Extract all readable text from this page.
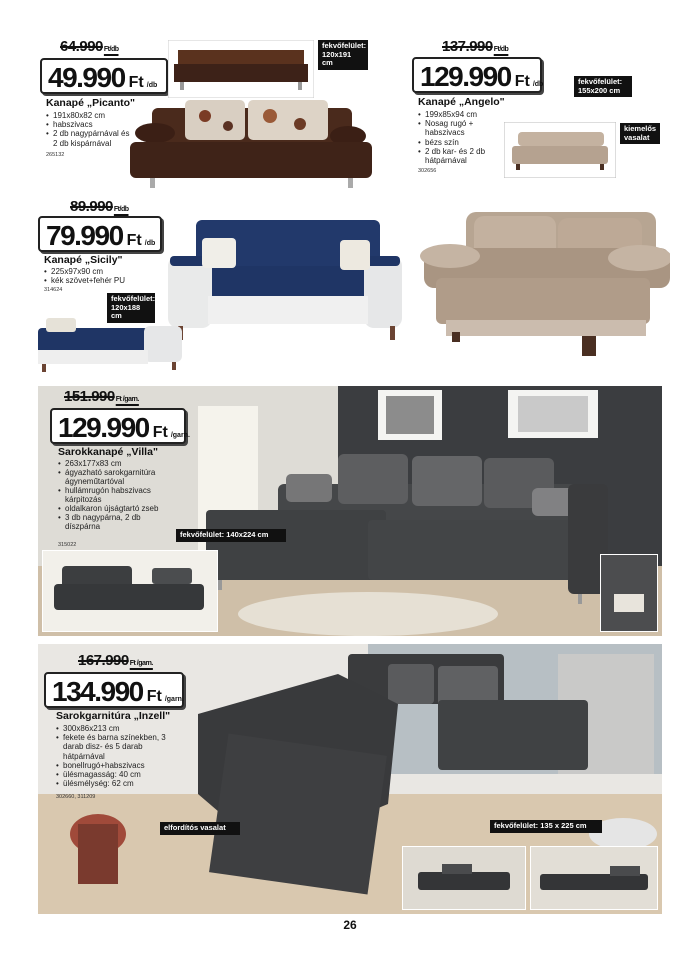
64.990Ft/db
49.990 Ft /db
Kanapé „Picanto"
• 191x80x82 cm
• habszivacs
• 2 db nagypárnával és 2 db kispárnával
265132
fekvőfelület: 120x191 cm
137.990Ft/db
129.990 Ft /db
Kanapé „Angelo"
• 199x85x94 cm
• Nosag rugó + habszivacs
• bézs szín
• 2 db kar- és 2 db hátpárnával
302656
fekvőfelület: 155x200 cm
kiemelős vasalat
89.990Ft/db
79.990 Ft /db
Kanapé „Sicily"
• 225x97x90 cm
• kék szövet+fehér PU
314624
fekvőfelület: 120x188 cm
151.990Ft /garn.
129.990 Ft /garn.
Sarokkanapé „Villa"
• 263x177x83 cm
• ágyazható sarokgarnitúra ágyneműtartóval
• hullámrugón habszivacs kárpitozás
• oldalkaron újságtartó zseb
• 3 db nagypárna, 2 db díszpárna
315022
fekvőfelület: 140x224 cm
167.990Ft /garn.
134.990 Ft /garn.
Sarokgarnitúra „Inzell"
• 300x86x213 cm
• fekete és barna színekben, 3 darab disz- és 5 darab hátpárnával
• bonellrugó+habszivacs
• ülésmagasság: 40 cm
• ülésmélység: 62 cm
302660, 311209
elfordítós vasalat	fekvőfelület: 135 x 225 cm
26
